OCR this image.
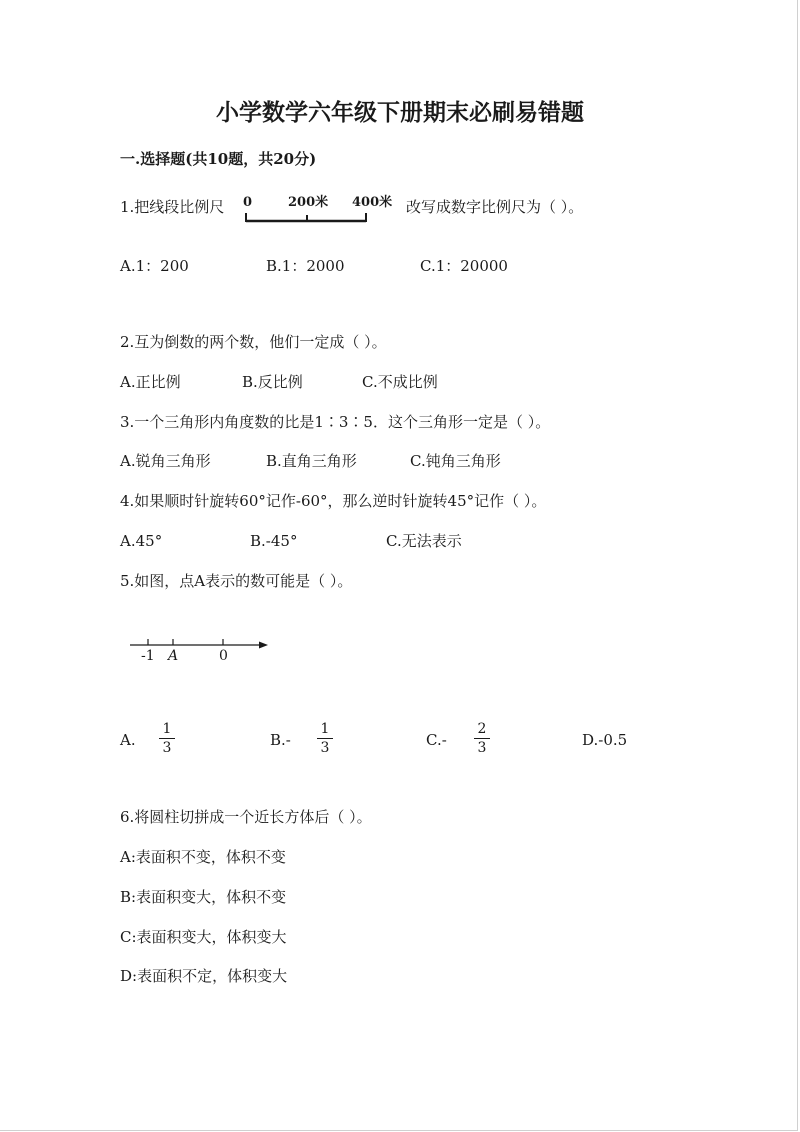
小学数学六年级下册期末必刷易错题
一.选择题(共10题，共20分)
1.把线段比例尺 0	200米 400米 改写成数字比例尺为（ ）。
A.1：200	B.1：2000	C.1：20000
2.互为倒数的两个数，他们一定成（ ）。
A.正比例	B.反比例	C.不成比例
3.一个三角形内角度数的比是1∶3∶5．这个三角形一定是（ ）。
A.锐角三角形	B.直角三角形	C.钝角三角形
4.如果顺时针旋转60°记作-60°，那么逆时针旋转45°记作（ ）。
A.45°	B.-45°	C.无法表示
5.如图，点A表示的数可能是（ ）。
-1 A	0
A.
1
3	B.-
1
3	C.-
2
3	D.-0.5
6.将圆柱切拼成一个近长方体后（ ）。
A:表面积不变，体积不变
B:表面积变大，体积不变
C:表面积变大，体积变大
D:表面积不定，体积变大
